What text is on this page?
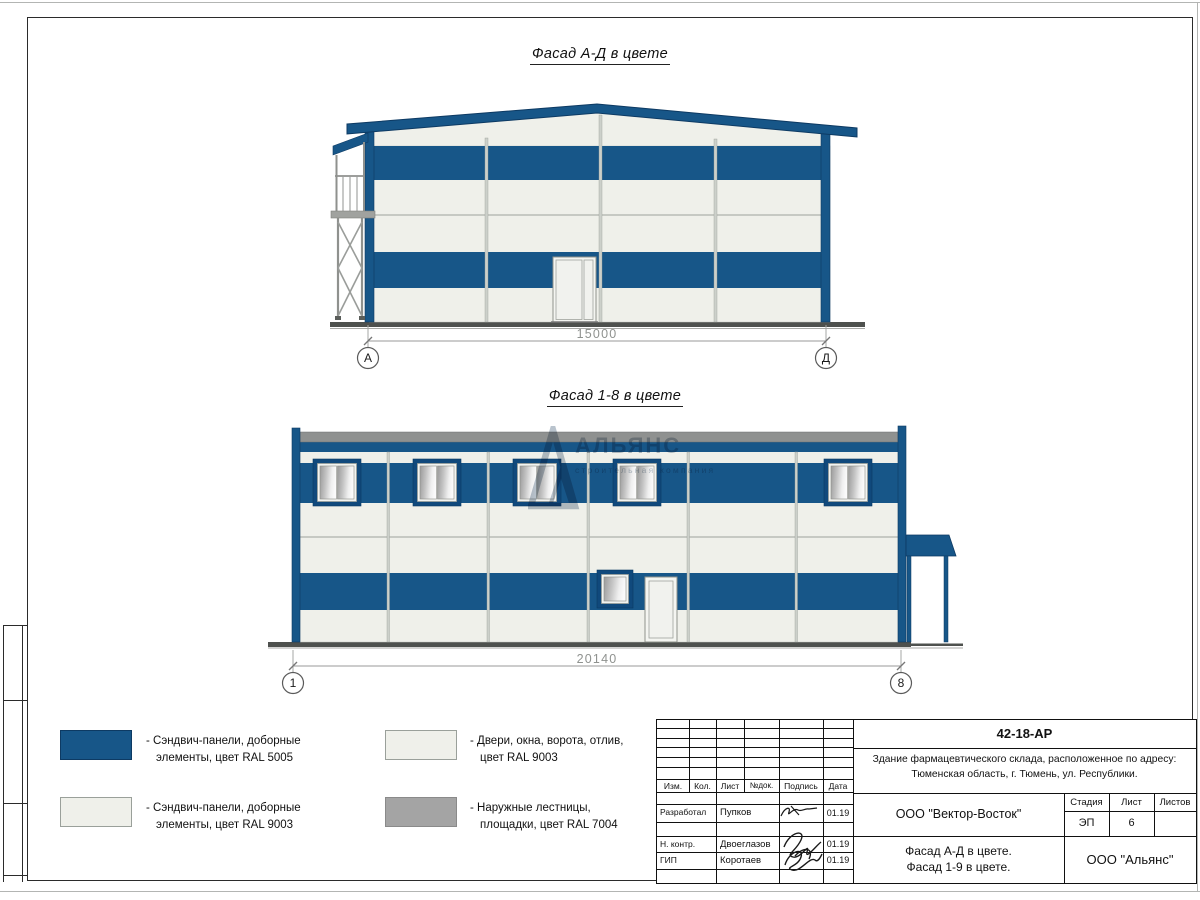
Фасад А-Д в цвете
15000
А	Д
Фасад 1-8 в цвете
20140
1	8
АЛЬЯНС
строительная компания
- Сэндвич-панели, доборные
элементы, цвет RAL 5005
- Сэндвич-панели, доборные
элементы, цвет RAL 9003
- Двери, окна, ворота, отлив,
цвет RAL 9003
- Наружные лестницы,
площадки, цвет RAL 7004
Изм.	Кол.	Лист	№док.	Подпись	Дата
Разработал Пупков	01.19
Н. контр.	Двоеглазов	01.19
ГИП	Коротаев	01.19
42-18-АР
Здание фармацевтического склада, расположенное по адресу:
Тюменская область, г. Тюмень, ул. Республики.
ООО "Вектор-Восток"
Стадия	Лист	Листов
ЭП	6
Фасад А-Д в цвете.
Фасад 1-9 в цвете.	ООО "Альянс"
